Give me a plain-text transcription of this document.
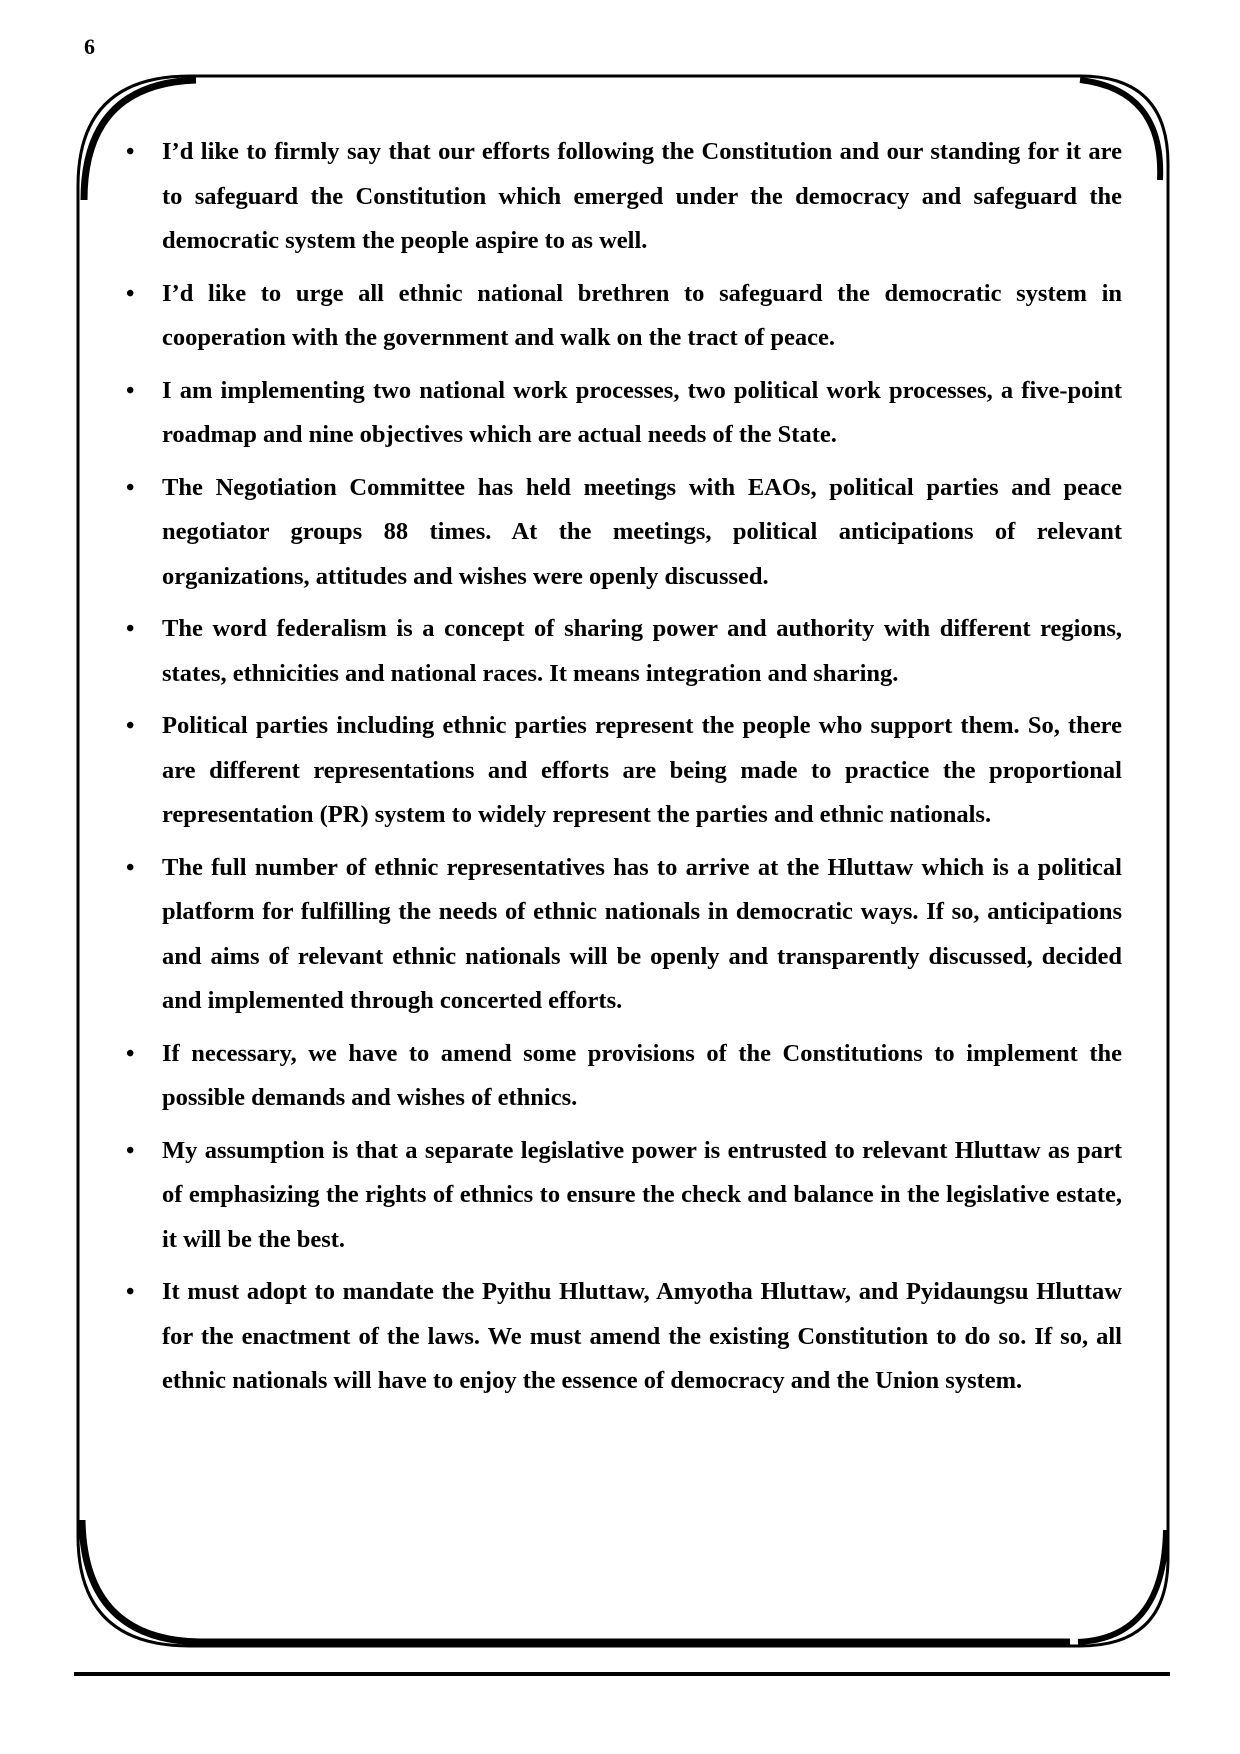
6
• I’d like to firmly say that our efforts following the Constitution and our standing for it are to safeguard the Constitution which emerged under the democracy and safeguard the democratic system the people aspire to as well.
• I’d like to urge all ethnic national brethren to safeguard the democratic system in cooperation with the government and walk on the tract of peace.
• I am implementing two national work processes, two political work processes, a five-point roadmap and nine objectives which are actual needs of the State.
• The Negotiation Committee has held meetings with EAOs, political parties and peace negotiator groups 88 times. At the meetings, political anticipations of relevant organizations, attitudes and wishes were openly discussed.
• The word federalism is a concept of sharing power and authority with different regions, states, ethnicities and national races. It means integration and sharing.
• Political parties including ethnic parties represent the people who support them. So, there are different representations and efforts are being made to practice the proportional representation (PR) system to widely represent the parties and ethnic nationals.
• The full number of ethnic representatives has to arrive at the Hluttaw which is a political platform for fulfilling the needs of ethnic nationals in democratic ways. If so, anticipations and aims of relevant ethnic nationals will be openly and transparently discussed, decided and implemented through concerted efforts.
• If necessary, we have to amend some provisions of the Constitutions to implement the possible demands and wishes of ethnics.
• My assumption is that a separate legislative power is entrusted to relevant Hluttaw as part of emphasizing the rights of ethnics to ensure the check and balance in the legislative estate, it will be the best.
• It must adopt to mandate the Pyithu Hluttaw, Amyotha Hluttaw, and Pyidaungsu Hluttaw for the enactment of the laws. We must amend the existing Constitution to do so. If so, all ethnic nationals will have to enjoy the essence of democracy and the Union system.
